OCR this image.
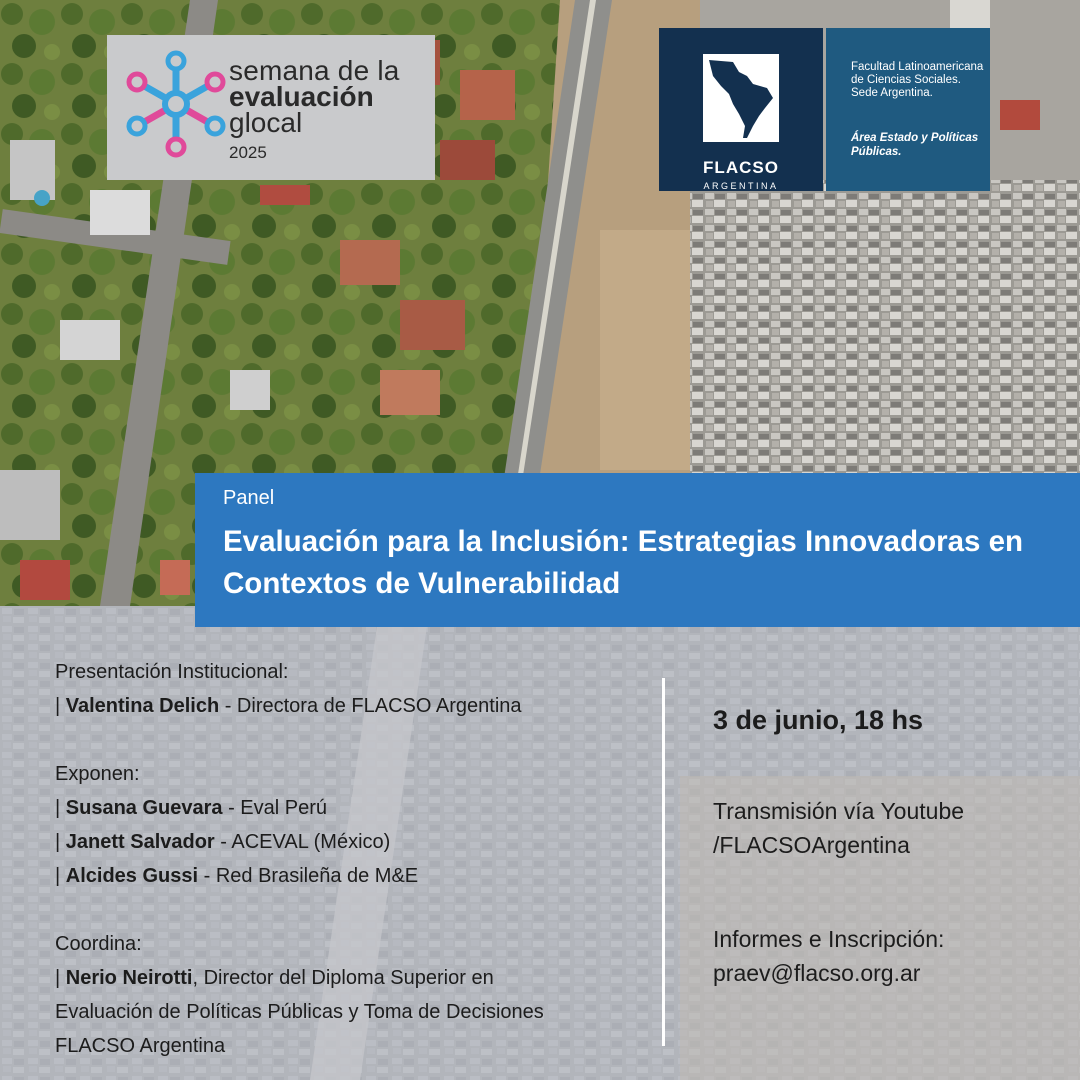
semana de la
evaluación
glocal
2025
FLACSO
ARGENTINA
Facultad Latinoamericana de Ciencias Sociales. Sede Argentina.
Área Estado y Políticas Públicas.
Panel
Evaluación para la Inclusión: Estrategias Innovadoras en Contextos de Vulnerabilidad
Presentación Institucional:
| Valentina Delich - Directora de FLACSO Argentina
Exponen:
| Susana Guevara - Eval Perú
| Janett Salvador - ACEVAL (México)
| Alcides Gussi - Red Brasileña de M&E
Coordina:
| Nerio Neirotti, Director del Diploma Superior en
Evaluación de Políticas Públicas y Toma de Decisiones
FLACSO Argentina
3 de junio, 18 hs
Transmisión vía Youtube
/FLACSOArgentina
Informes e Inscripción:
praev@flacso.org.ar
